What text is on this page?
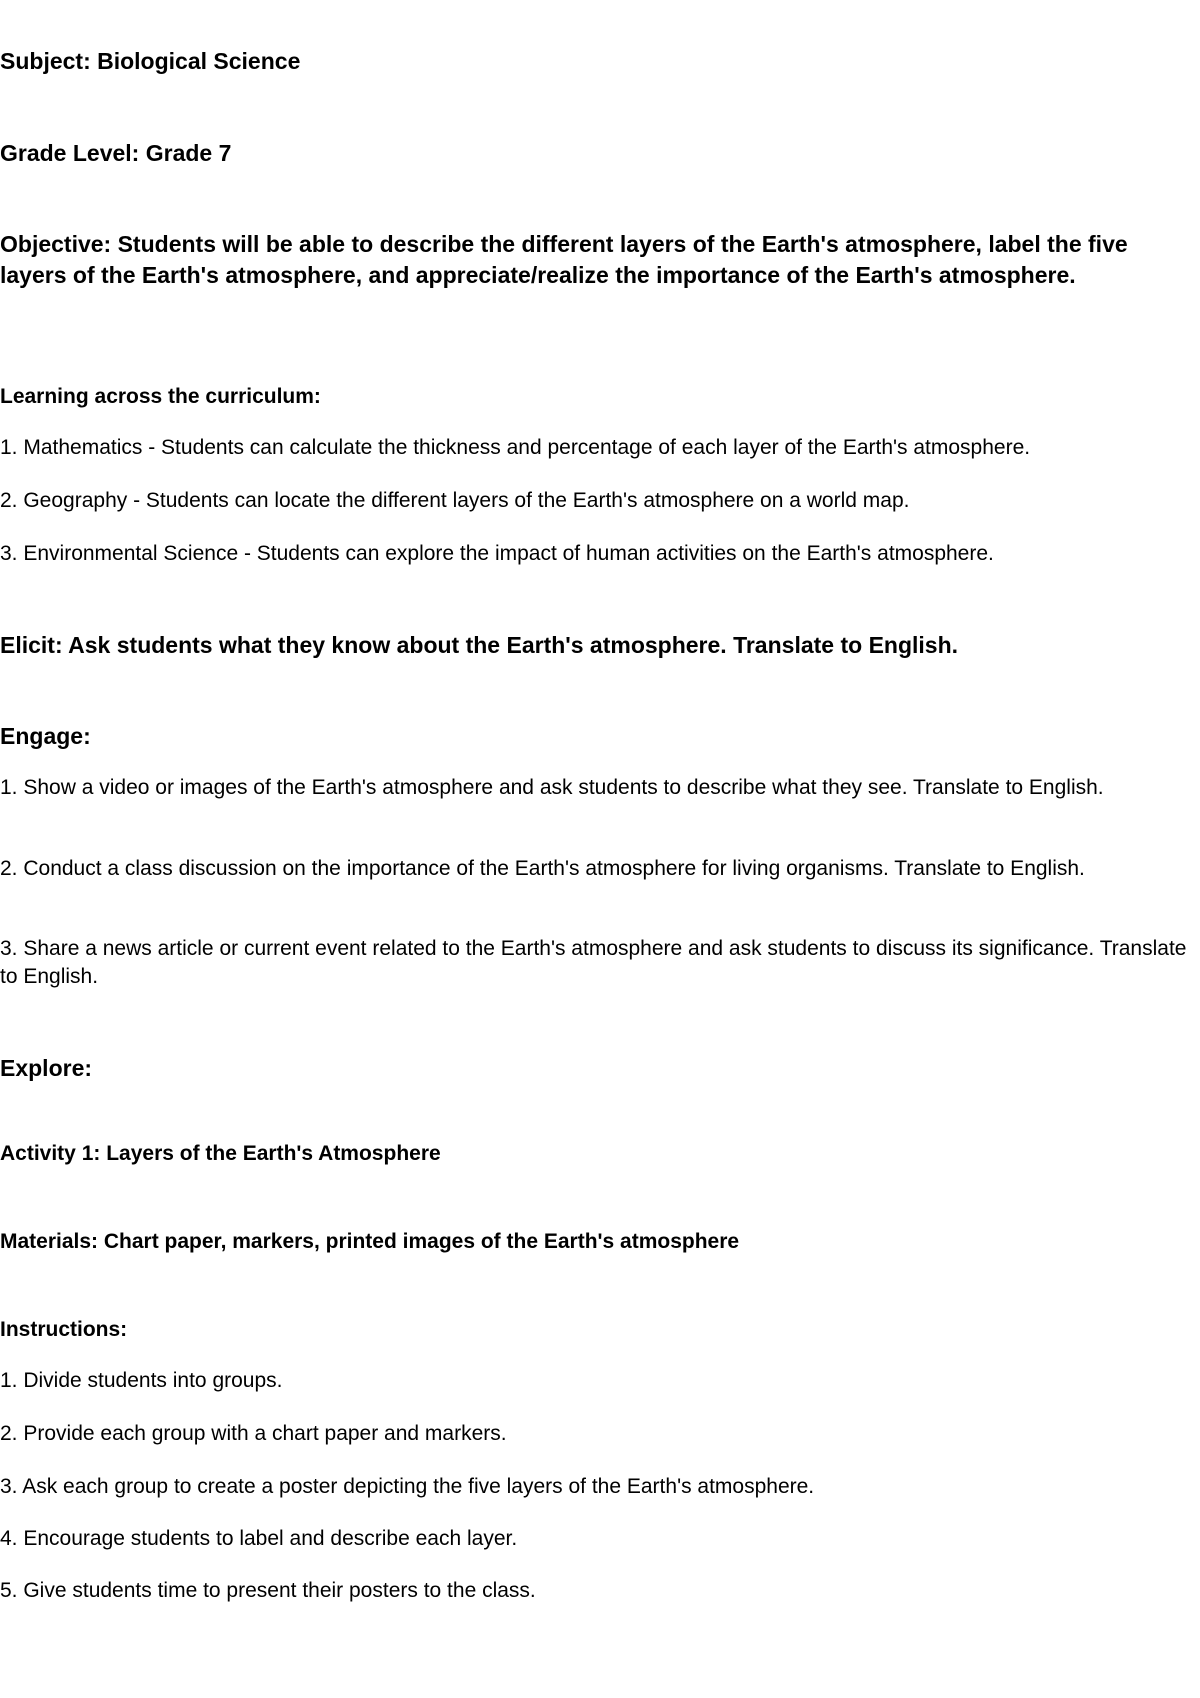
Subject: Biological Science

Grade Level: Grade 7

Objective: Students will be able to describe the different layers of the Earth's atmosphere, label the five layers of the Earth's atmosphere, and appreciate/realize the importance of the Earth's atmosphere.

Learning across the curriculum:

1. Mathematics - Students can calculate the thickness and percentage of each layer of the Earth's atmosphere.

2. Geography - Students can locate the different layers of the Earth's atmosphere on a world map.

3. Environmental Science - Students can explore the impact of human activities on the Earth's atmosphere.

Elicit: Ask students what they know about the Earth's atmosphere. Translate to English.

Engage:

1. Show a video or images of the Earth's atmosphere and ask students to describe what they see. Translate to English.

2. Conduct a class discussion on the importance of the Earth's atmosphere for living organisms. Translate to English.

3. Share a news article or current event related to the Earth's atmosphere and ask students to discuss its significance. Translate to English.

Explore:

Activity 1: Layers of the Earth's Atmosphere

Materials: Chart paper, markers, printed images of the Earth's atmosphere

Instructions:

1. Divide students into groups.

2. Provide each group with a chart paper and markers.

3. Ask each group to create a poster depicting the five layers of the Earth's atmosphere.

4. Encourage students to label and describe each layer.

5. Give students time to present their posters to the class.
